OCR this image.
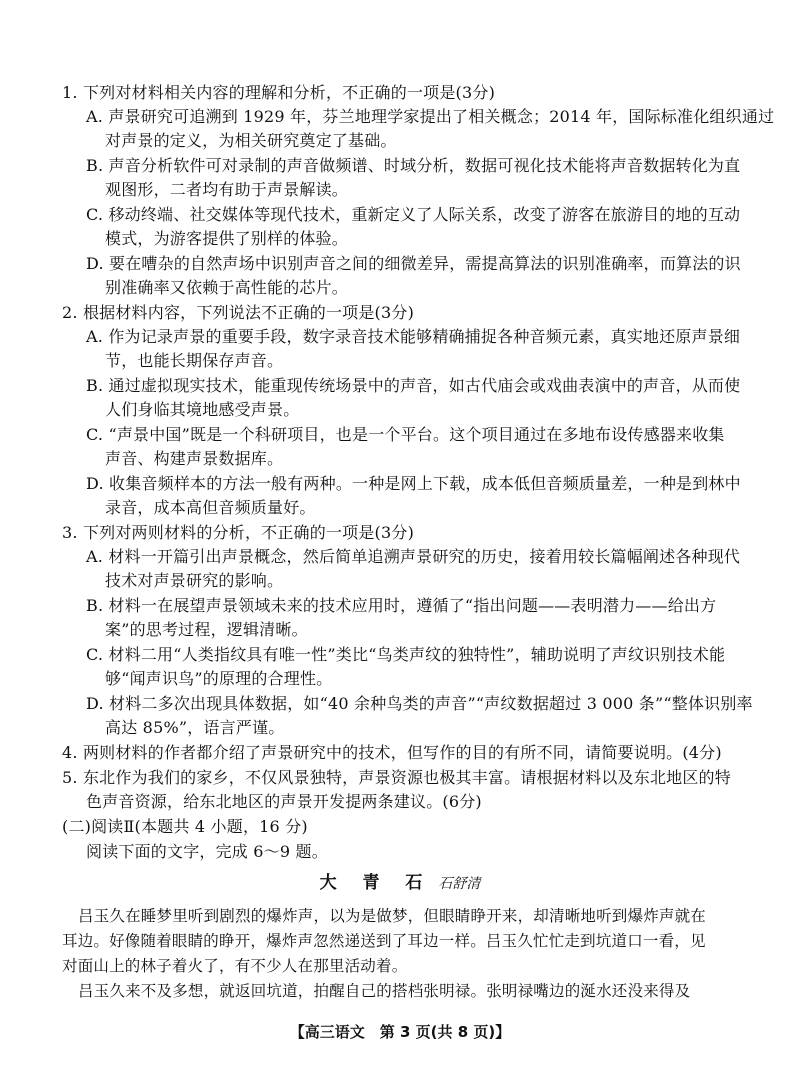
1. 下列对材料相关内容的理解和分析，不正确的一项是(3分)
A. 声景研究可追溯到 1929 年，芬兰地理学家提出了相关概念；2014 年，国际标准化组织通过
对声景的定义，为相关研究奠定了基础。
B. 声音分析软件可对录制的声音做频谱、时域分析，数据可视化技术能将声音数据转化为直
观图形，二者均有助于声景解读。
C. 移动终端、社交媒体等现代技术，重新定义了人际关系，改变了游客在旅游目的地的互动
模式，为游客提供了别样的体验。
D. 要在嘈杂的自然声场中识别声音之间的细微差异，需提高算法的识别准确率，而算法的识
别准确率又依赖于高性能的芯片。
2. 根据材料内容，下列说法不正确的一项是(3分)
A. 作为记录声景的重要手段，数字录音技术能够精确捕捉各种音频元素，真实地还原声景细
节，也能长期保存声音。
B. 通过虚拟现实技术，能重现传统场景中的声音，如古代庙会或戏曲表演中的声音，从而使
人们身临其境地感受声景。
C. “声景中国”既是一个科研项目，也是一个平台。这个项目通过在多地布设传感器来收集
声音、构建声景数据库。
D. 收集音频样本的方法一般有两种。一种是网上下载，成本低但音频质量差，一种是到林中
录音，成本高但音频质量好。
3. 下列对两则材料的分析，不正确的一项是(3分)
A. 材料一开篇引出声景概念，然后简单追溯声景研究的历史，接着用较长篇幅阐述各种现代
技术对声景研究的影响。
B. 材料一在展望声景领域未来的技术应用时，遵循了“指出问题——表明潜力——给出方
案”的思考过程，逻辑清晰。
C. 材料二用“人类指纹具有唯一性”类比“鸟类声纹的独特性”，辅助说明了声纹识别技术能
够“闻声识鸟”的原理的合理性。
D. 材料二多次出现具体数据，如“40 余种鸟类的声音”“声纹数据超过 3 000 条”“整体识别率
高达 85%”，语言严谨。
4. 两则材料的作者都介绍了声景研究中的技术，但写作的目的有所不同，请简要说明。(4分)
5. 东北作为我们的家乡，不仅风景独特，声景资源也极其丰富。请根据材料以及东北地区的特
色声音资源，给东北地区的声景开发提两条建议。(6分)
(二)阅读Ⅱ(本题共 4 小题，16 分)
阅读下面的文字，完成 6～9 题。
大 青 石 石舒清
吕玉久在睡梦里听到剧烈的爆炸声，以为是做梦，但眼睛睁开来，却清晰地听到爆炸声就在
耳边。好像随着眼睛的睁开，爆炸声忽然递送到了耳边一样。吕玉久忙忙走到坑道口一看，见
对面山上的林子着火了，有不少人在那里活动着。
吕玉久来不及多想，就返回坑道，拍醒自己的搭档张明禄。张明禄嘴边的涎水还没来得及
【高三语文　第 3 页(共 8 页)】
